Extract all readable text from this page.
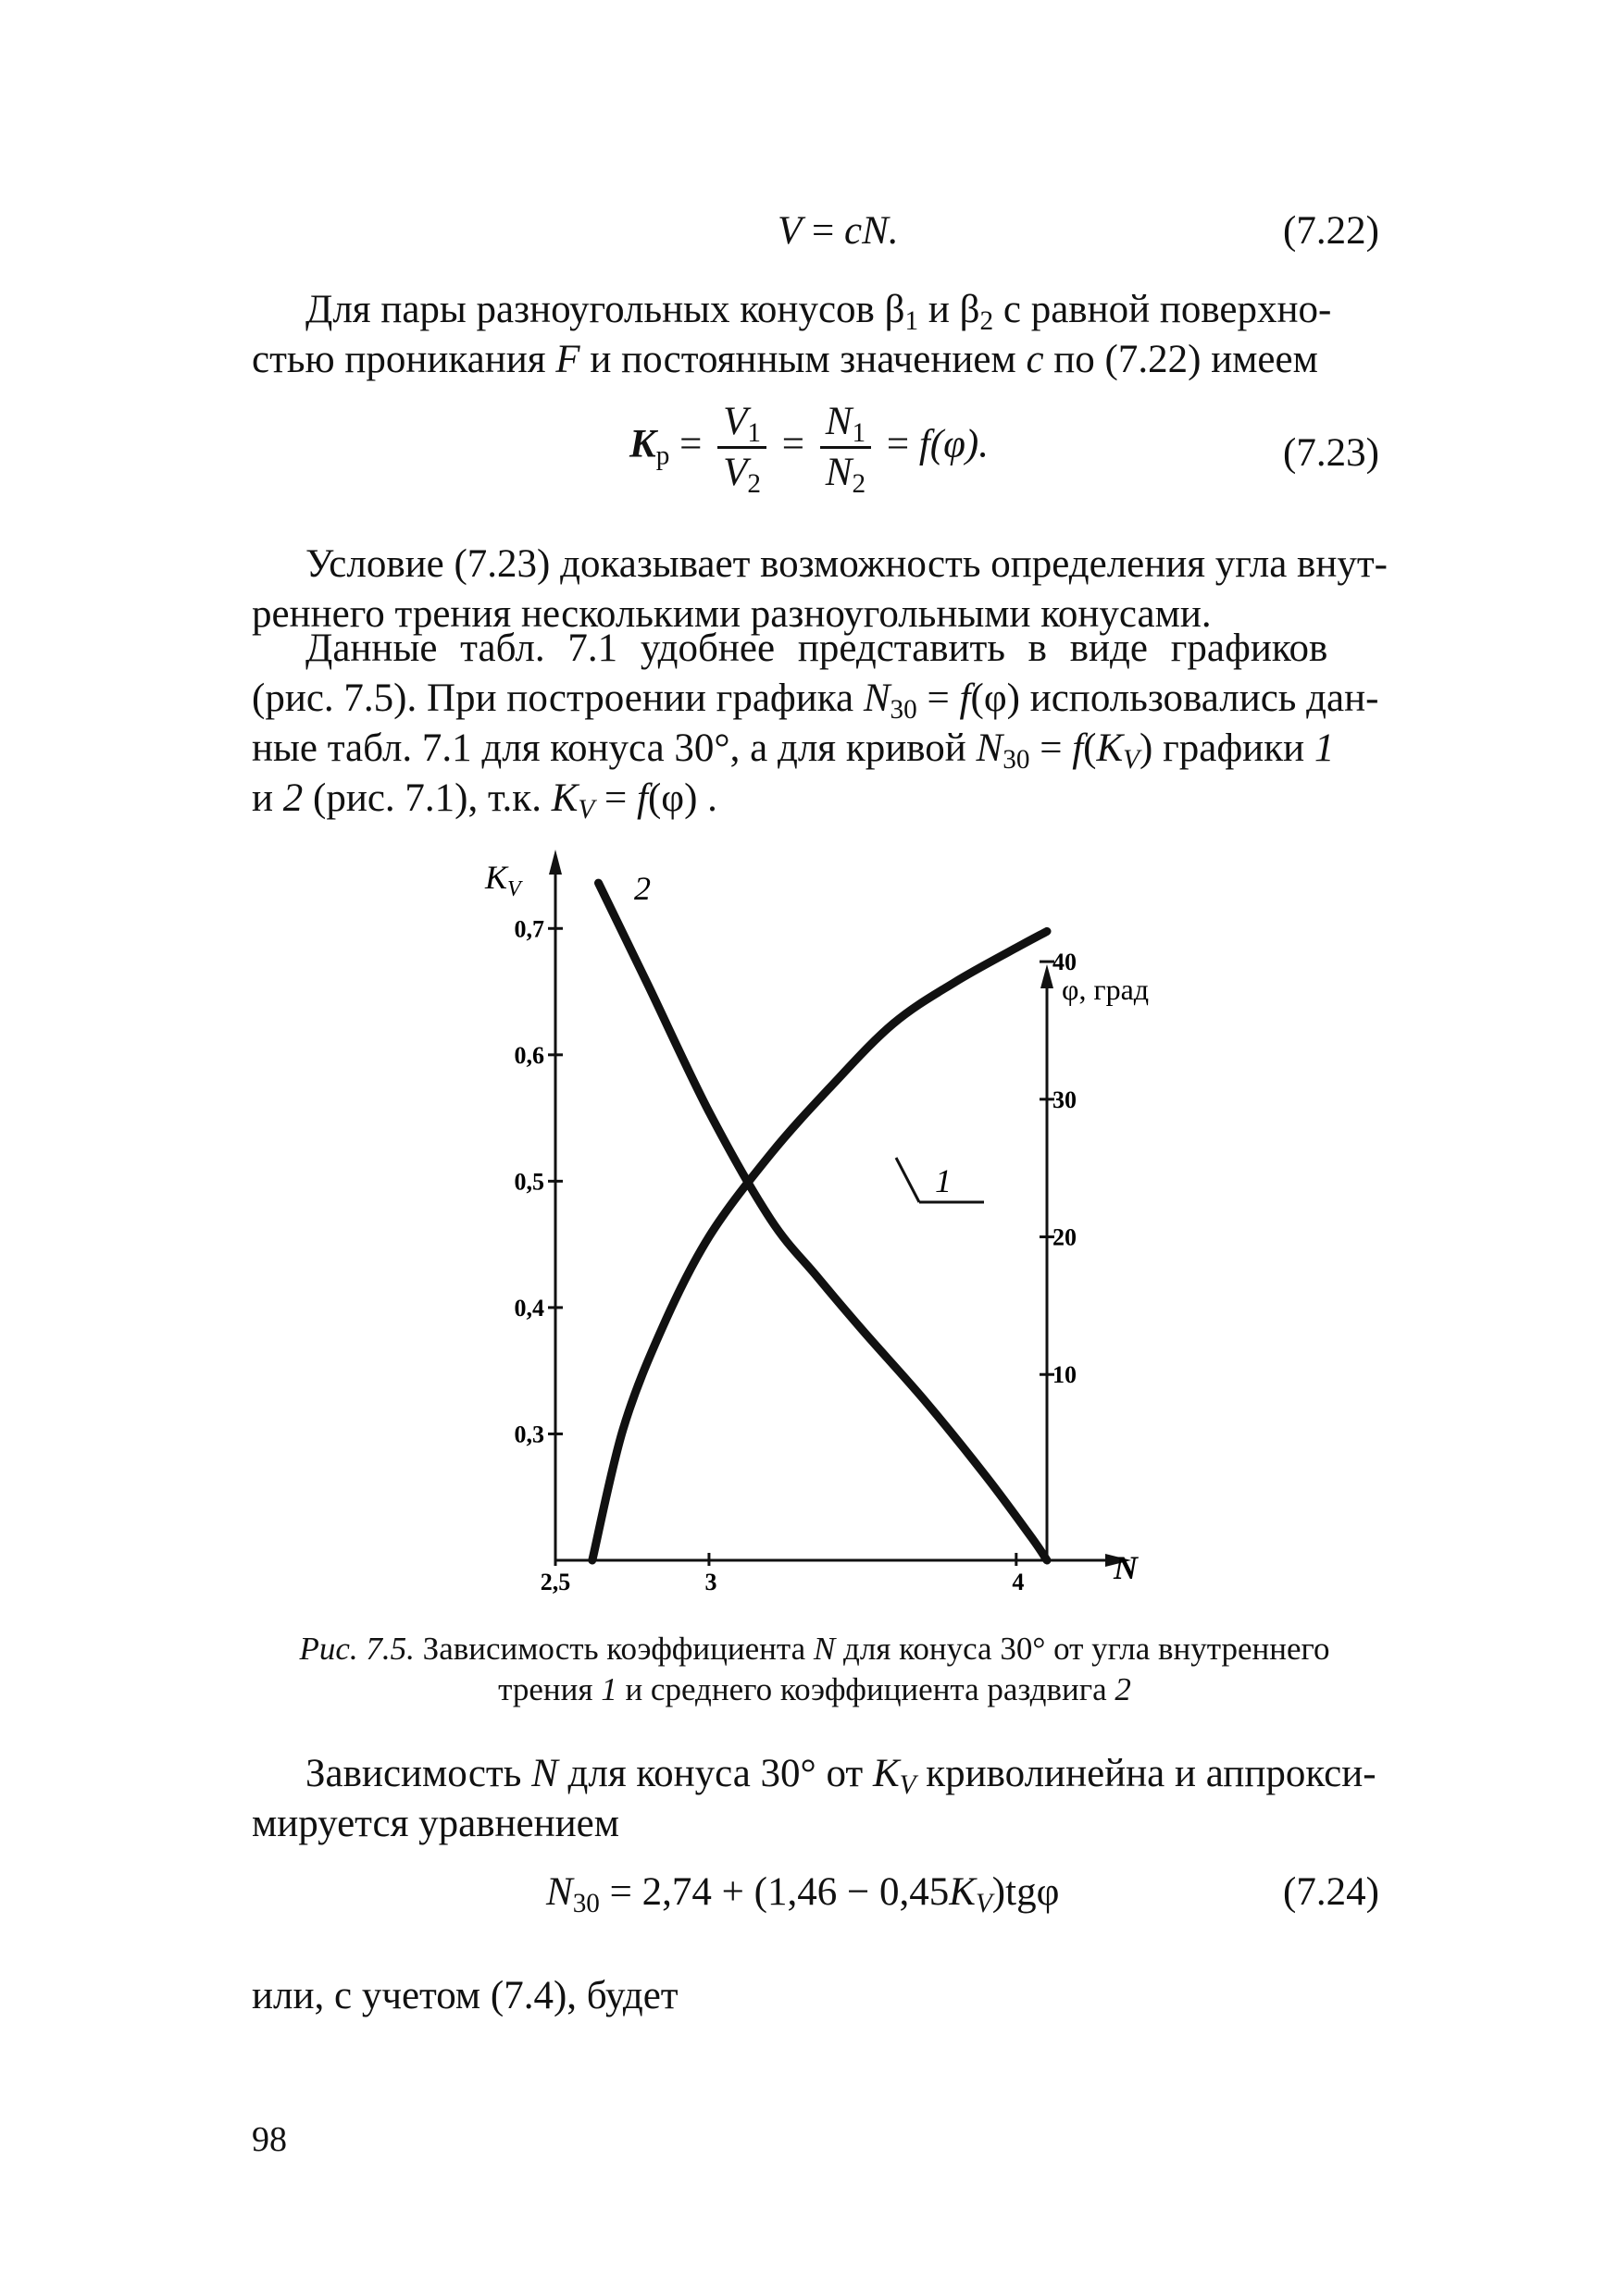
V = cN.	(7.22)
Для пары разноугольных конусов $\beta_1$ и $\beta_2$ с равной поверхно-
стью проникания F и постоянным значением c по (7.22) имеем
$K_р = \frac{V_1}{V_2} = \frac{N_1}{N_2} = f(\varphi)$.	(7.23)
Условие (7.23) доказывает возможность определения угла внут-
реннего трения несколькими разноугольными конусами.
Данные табл. 7.1 удобнее представить в виде графиков
(рис. 7.5). При построении графика $N_{30} = f(\varphi)$ использовались дан-
ные табл. 7.1 для конуса 30°, а для кривой $N_{30} = f(K_V)$ графики 1
и 2 (рис. 7.1), т.к. $K_V = f(\varphi)$ .
0,3
0,4
0,5
0,6
0,7
10
20
30
40
2,5	3	4
$K_V$
φ, град
N
2
1
Рис. 7.5. Зависимость коэффициента N для конуса 30° от угла внутреннего
трения 1 и среднего коэффициента раздвига 2
Зависимость N для конуса 30° от $K_V$ криволинейна и аппрокси-
мируется уравнением
$N_{30} = 2,74 + (1,46 - 0,45K_V)tg\varphi$	(7.24)
или, с учетом (7.4), будет
98
